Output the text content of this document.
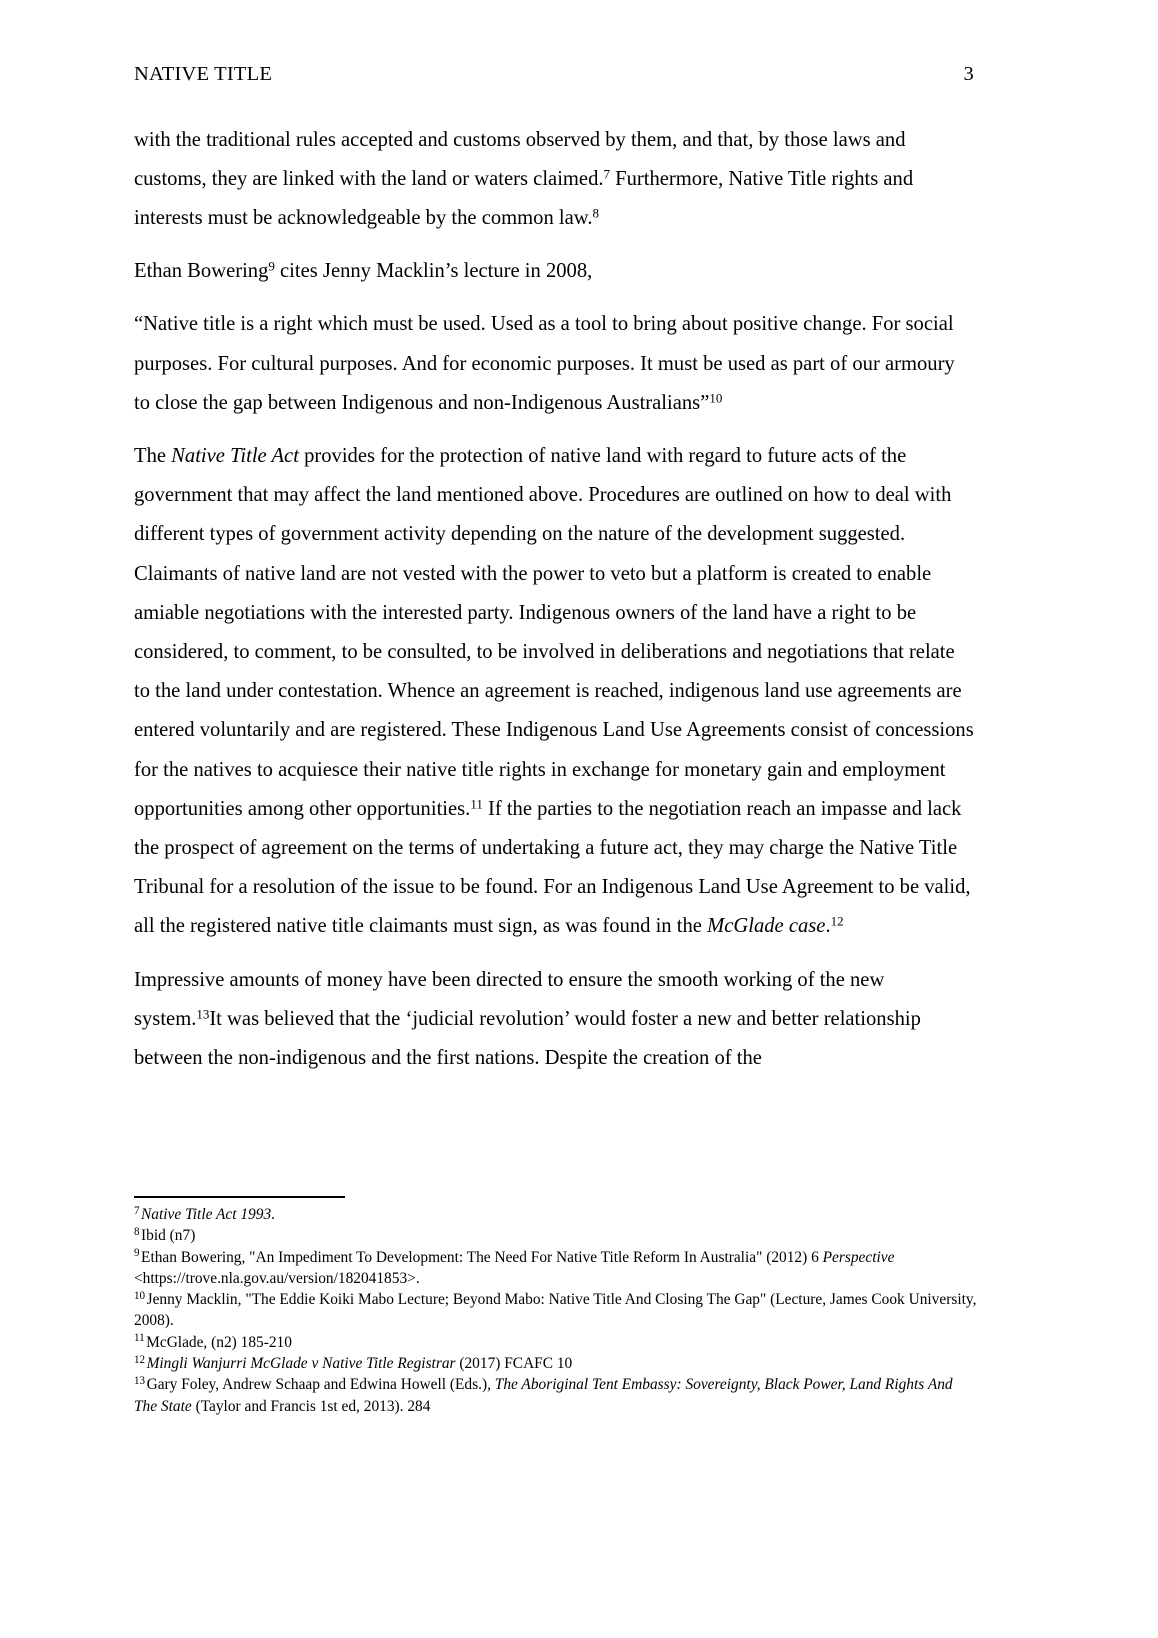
NATIVE TITLE	3

with the traditional rules accepted and customs observed by them, and that, by those laws and customs, they are linked with the land or waters claimed.$^7$ Furthermore, Native Title rights and interests must be acknowledgeable by the common law.$^8$

Ethan Bowering$^9$ cites Jenny Macklin’s lecture in 2008,

“Native title is a right which must be used. Used as a tool to bring about positive change. For social purposes. For cultural purposes. And for economic purposes. It must be used as part of our armoury to close the gap between Indigenous and non-Indigenous Australians”$^{10}$

The Native Title Act provides for the protection of native land with regard to future acts of the government that may affect the land mentioned above. Procedures are outlined on how to deal with different types of government activity depending on the nature of the development suggested. Claimants of native land are not vested with the power to veto but a platform is created to enable amiable negotiations with the interested party. Indigenous owners of the land have a right to be considered, to comment, to be consulted, to be involved in deliberations and negotiations that relate to the land under contestation. Whence an agreement is reached, indigenous land use agreements are entered voluntarily and are registered. These Indigenous Land Use Agreements consist of concessions for the natives to acquiesce their native title rights in exchange for monetary gain and employment opportunities among other opportunities.$^{11}$ If the parties to the negotiation reach an impasse and lack the prospect of agreement on the terms of undertaking a future act, they may charge the Native Title Tribunal for a resolution of the issue to be found. For an Indigenous Land Use Agreement to be valid, all the registered native title claimants must sign, as was found in the McGlade case.$^{12}$

Impressive amounts of money have been directed to ensure the smooth working of the new system.$^{13}$It was believed that the ‘judicial revolution’ would foster a new and better relationship between the non-indigenous and the first nations. Despite the creation of the

$^7$Native Title Act 1993.

$^8$Ibid (n7)

$^9$Ethan Bowering, "An Impediment To Development: The Need For Native Title Reform In Australia" (2012) 6 Perspective <https://trove.nla.gov.au/version/182041853>.

$^{10}$Jenny Macklin, "The Eddie Koiki Mabo Lecture; Beyond Mabo: Native Title And Closing The Gap" (Lecture, James Cook University, 2008).

$^{11}$McGlade, (n2) 185-210

$^{12}$Mingli Wanjurri McGlade v Native Title Registrar (2017) FCAFC 10

$^{13}$Gary Foley, Andrew Schaap and Edwina Howell (Eds.), The Aboriginal Tent Embassy: Sovereignty, Black Power, Land Rights And The State (Taylor and Francis 1st ed, 2013). 284
